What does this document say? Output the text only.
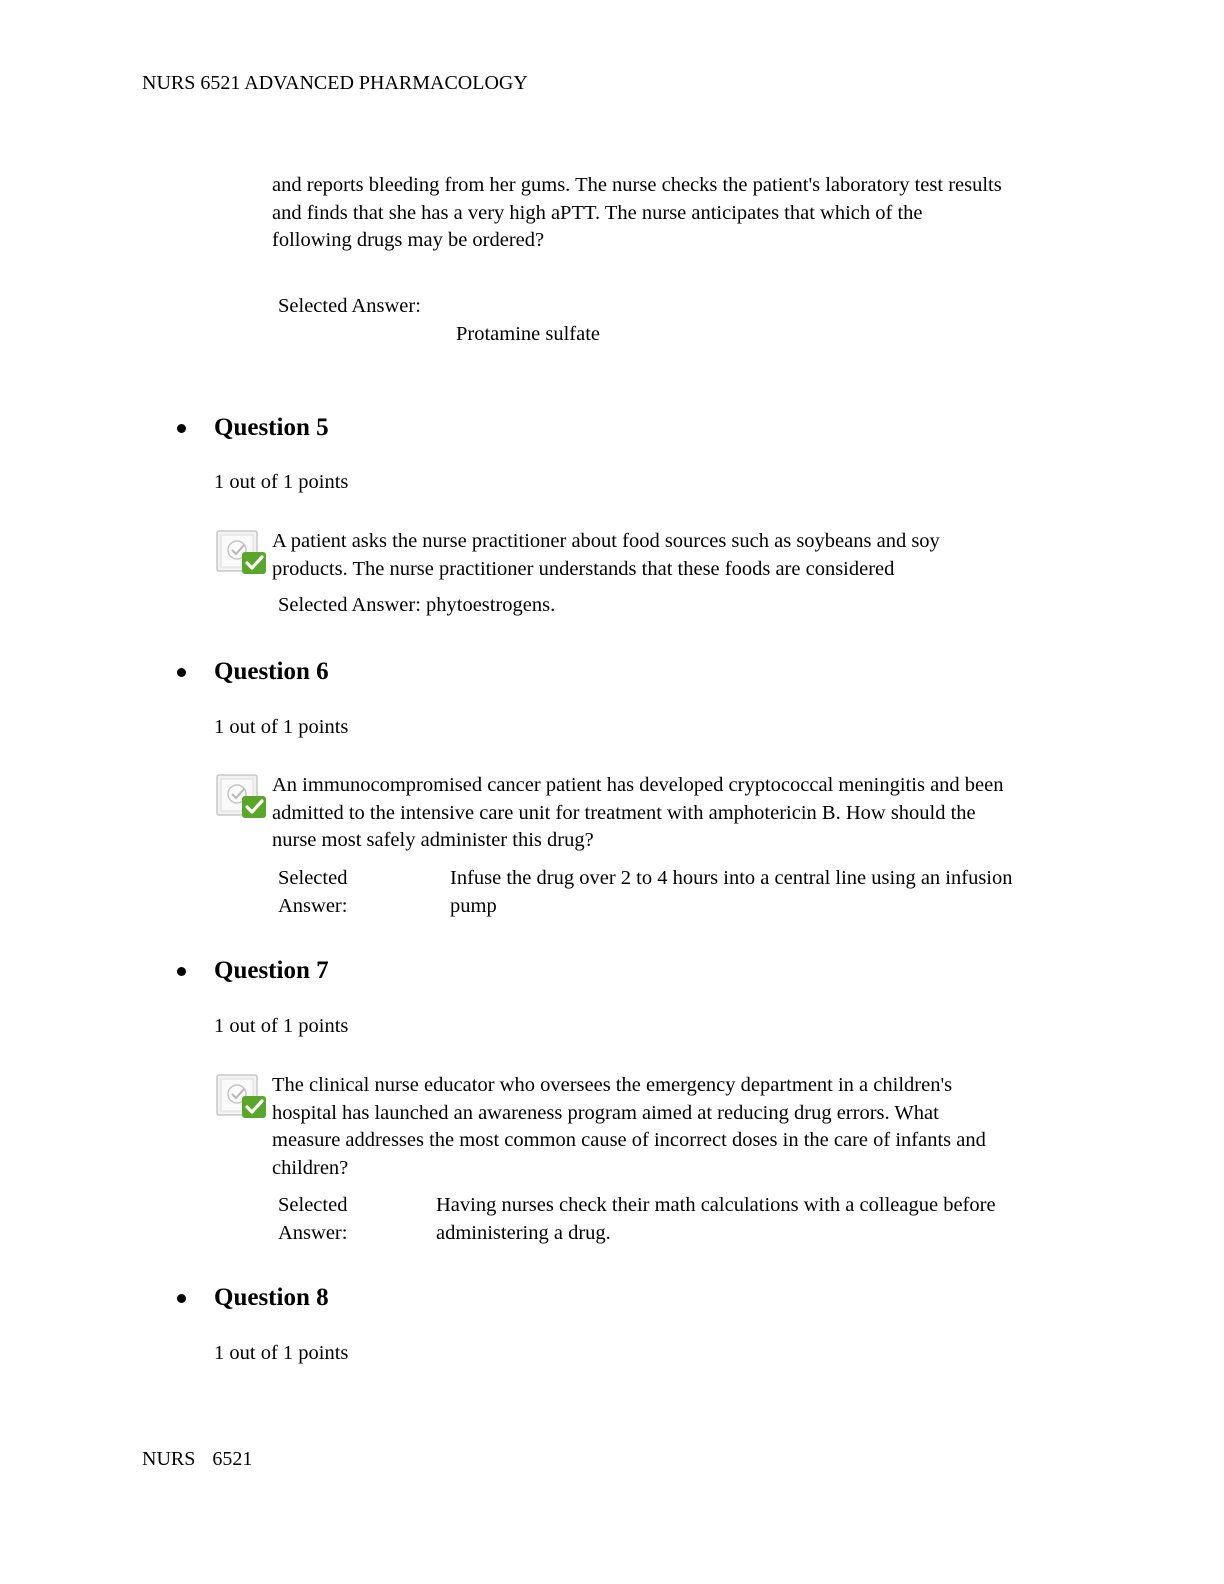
NURS 6521 ADVANCED PHARMACOLOGY
and reports bleeding from her gums. The nurse checks the patient's laboratory test results
and finds that she has a very high aPTT. The nurse anticipates that which of the
following drugs may be ordered?
Selected Answer:
Protamine sulfate
Question 5
1 out of 1 points
A patient asks the nurse practitioner about food sources such as soybeans and soy
products. The nurse practitioner understands that these foods are considered
Selected Answer: phytoestrogens.
Question 6
1 out of 1 points
An immunocompromised cancer patient has developed cryptococcal meningitis and been
admitted to the intensive care unit for treatment with amphotericin B. How should the
nurse most safely administer this drug?
Selected
Answer:
Infuse the drug over 2 to 4 hours into a central line using an infusion
pump
Question 7
1 out of 1 points
The clinical nurse educator who oversees the emergency department in a children's
hospital has launched an awareness program aimed at reducing drug errors. What
measure addresses the most common cause of incorrect doses in the care of infants and
children?
Selected
Answer:
Having nurses check their math calculations with a colleague before
administering a drug.
Question 8
1 out of 1 points
NURS 6521
